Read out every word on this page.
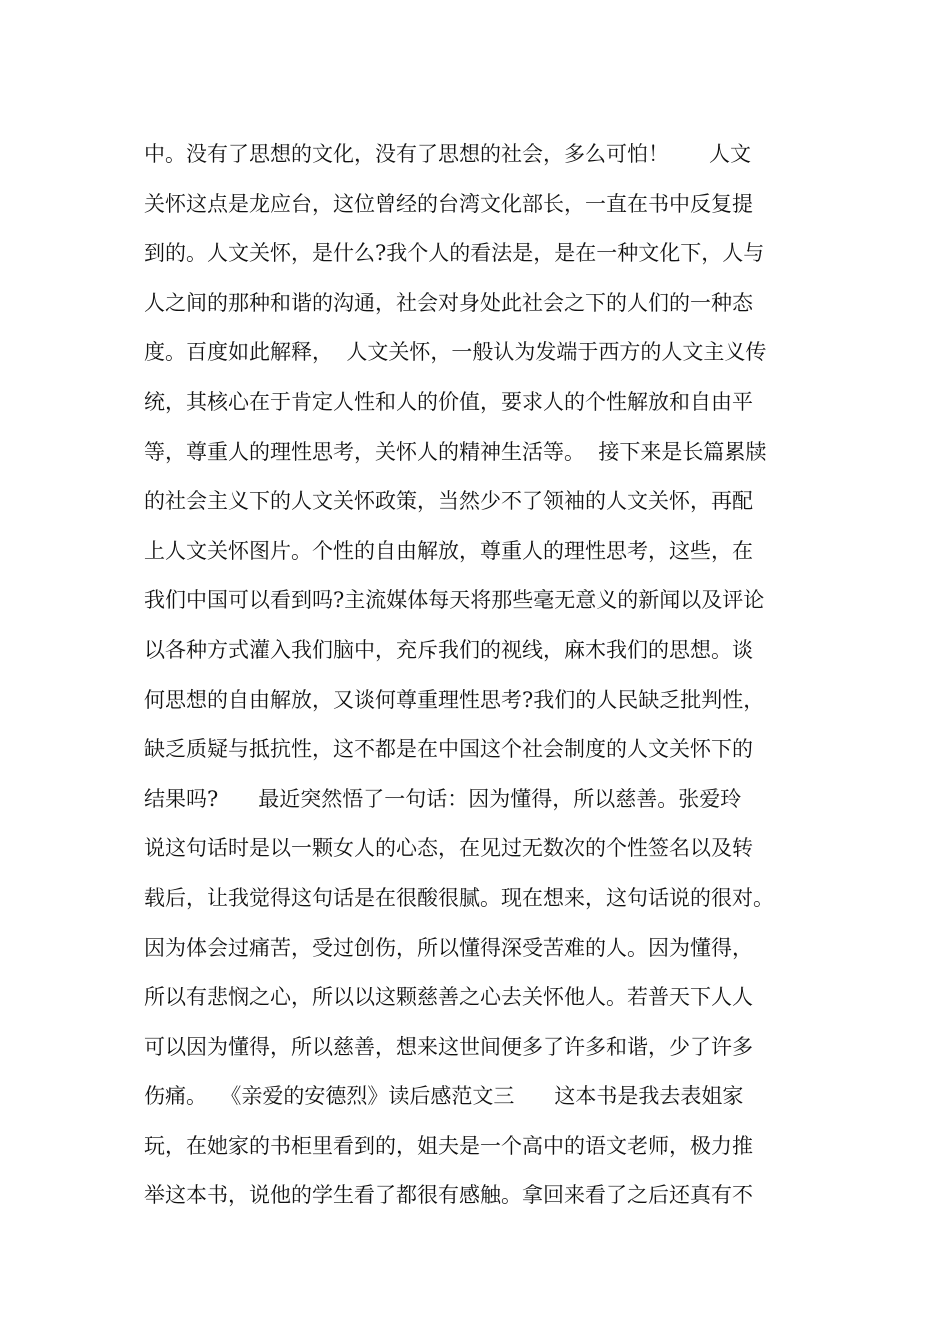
中。没有了思想的文化，没有了思想的社会，多么可怕！      人文
关怀这点是龙应台，这位曾经的台湾文化部长，一直在书中反复提
到的。人文关怀，是什么?我个人的看法是，是在一种文化下，人与
人之间的那种和谐的沟通，社会对身处此社会之下的人们的一种态
度。百度如此解释，  人文关怀，一般认为发端于西方的人文主义传
统，其核心在于肯定人性和人的价值，要求人的个性解放和自由平
等，尊重人的理性思考，关怀人的精神生活等。  接下来是长篇累牍
的社会主义下的人文关怀政策，当然少不了领袖的人文关怀，再配
上人文关怀图片。个性的自由解放，尊重人的理性思考，这些，在
我们中国可以看到吗?主流媒体每天将那些毫无意义的新闻以及评论
以各种方式灌入我们脑中，充斥我们的视线，麻木我们的思想。谈
何思想的自由解放，又谈何尊重理性思考?我们的人民缺乏批判性，
缺乏质疑与抵抗性，这不都是在中国这个社会制度的人文关怀下的
结果吗?      最近突然悟了一句话：因为懂得，所以慈善。张爱玲
说这句话时是以一颗女人的心态，在见过无数次的个性签名以及转
载后，让我觉得这句话是在很酸很腻。现在想来，这句话说的很对。
因为体会过痛苦，受过创伤，所以懂得深受苦难的人。因为懂得，
所以有悲悯之心，所以以这颗慈善之心去关怀他人。若普天下人人
可以因为懂得，所以慈善，想来这世间便多了许多和谐，少了许多
伤痛。  《亲爱的安德烈》读后感范文三      这本书是我去表姐家
玩，在她家的书柜里看到的，姐夫是一个高中的语文老师，极力推
举这本书，说他的学生看了都很有感触。拿回来看了之后还真有不
